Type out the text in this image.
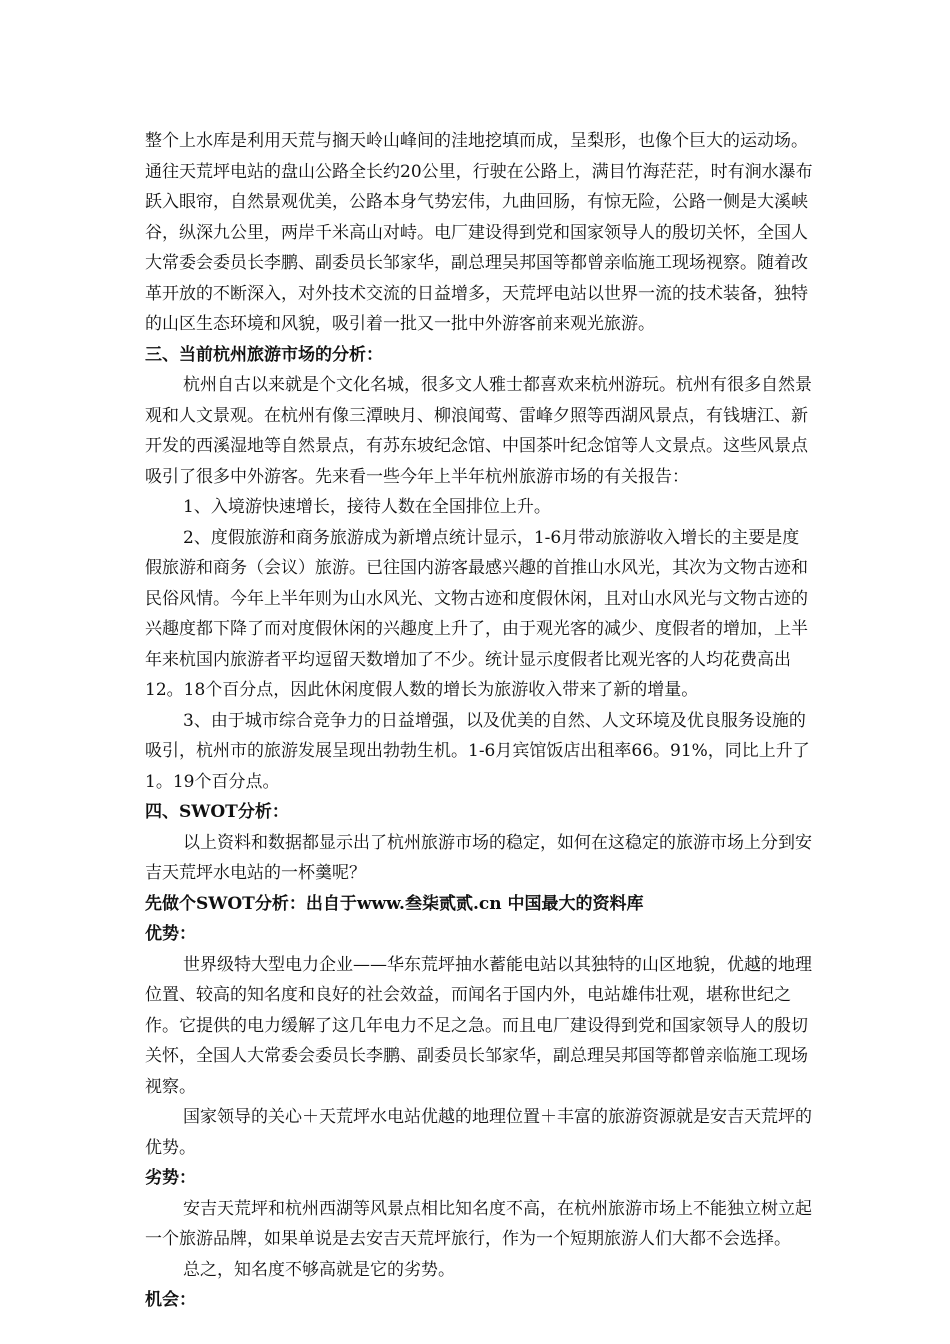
整个上水库是利用天荒与搁天岭山峰间的洼地挖填而成，呈梨形，也像个巨大的运动场。通往天荒坪电站的盘山公路全长约20公里，行驶在公路上，满目竹海茫茫，时有涧水瀑布跃入眼帘，自然景观优美，公路本身气势宏伟，九曲回肠，有惊无险，公路一侧是大溪峡谷，纵深九公里，两岸千米高山对峙。电厂建设得到党和国家领导人的殷切关怀，全国人大常委会委员长李鹏、副委员长邹家华，副总理吴邦国等都曾亲临施工现场视察。随着改革开放的不断深入，对外技术交流的日益增多，天荒坪电站以世界一流的技术装备，独特的山区生态环境和风貌，吸引着一批又一批中外游客前来观光旅游。

三、当前杭州旅游市场的分析：

杭州自古以来就是个文化名城，很多文人雅士都喜欢来杭州游玩。杭州有很多自然景观和人文景观。在杭州有像三潭映月、柳浪闻莺、雷峰夕照等西湖风景点，有钱塘江、新开发的西溪湿地等自然景点，有苏东坡纪念馆、中国茶叶纪念馆等人文景点。这些风景点吸引了很多中外游客。先来看一些今年上半年杭州旅游市场的有关报告：

1、入境游快速增长，接待人数在全国排位上升。

2、度假旅游和商务旅游成为新增点统计显示，1-6月带动旅游收入增长的主要是度假旅游和商务（会议）旅游。已往国内游客最感兴趣的首推山水风光，其次为文物古迹和民俗风情。今年上半年则为山水风光、文物古迹和度假休闲，且对山水风光与文物古迹的兴趣度都下降了而对度假休闲的兴趣度上升了，由于观光客的减少、度假者的增加，上半年来杭国内旅游者平均逗留天数增加了不少。统计显示度假者比观光客的人均花费高出12。18个百分点，因此休闲度假人数的增长为旅游收入带来了新的增量。

3、由于城市综合竞争力的日益增强，以及优美的自然、人文环境及优良服务设施的吸引，杭州市的旅游发展呈现出勃勃生机。1-6月宾馆饭店出租率66。91%，同比上升了1。19个百分点。

四、SWOT分析：

以上资料和数据都显示出了杭州旅游市场的稳定，如何在这稳定的旅游市场上分到安吉天荒坪水电站的一杯羹呢？

先做个SWOT分析：出自于www.叁柒贰贰.cn 中国最大的资料库

优势：

世界级特大型电力企业——华东荒坪抽水蓄能电站以其独特的山区地貌，优越的地理位置、较高的知名度和良好的社会效益，而闻名于国内外，电站雄伟壮观，堪称世纪之作。它提供的电力缓解了这几年电力不足之急。而且电厂建设得到党和国家领导人的殷切关怀，全国人大常委会委员长李鹏、副委员长邹家华，副总理吴邦国等都曾亲临施工现场视察。

国家领导的关心＋天荒坪水电站优越的地理位置＋丰富的旅游资源就是安吉天荒坪的优势。

劣势：

安吉天荒坪和杭州西湖等风景点相比知名度不高，在杭州旅游市场上不能独立树立起一个旅游品牌，如果单说是去安吉天荒坪旅行，作为一个短期旅游人们大都不会选择。

总之，知名度不够高就是它的劣势。

机会：
